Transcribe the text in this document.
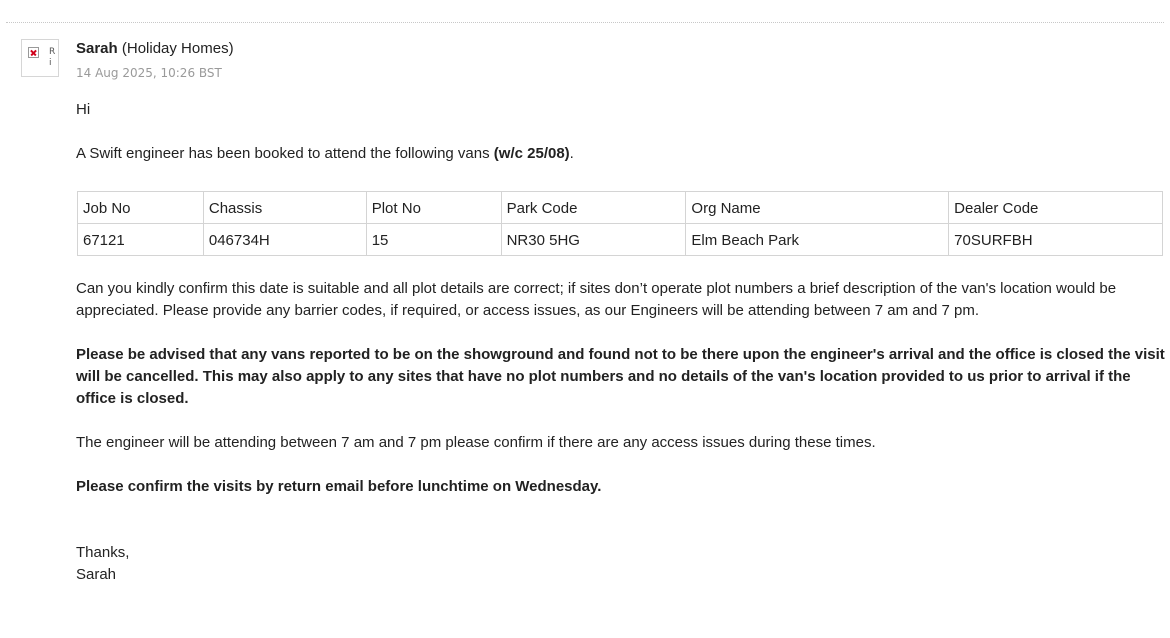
R
i
Sarah (Holiday Homes)
14 Aug 2025, 10:26 BST

Hi

A Swift engineer has been booked to attend the following vans (w/c 25/08).

Job No	Chassis	Plot No	Park Code	Org Name	Dealer Code
67121	046734H	15	NR30 5HG	Elm Beach Park	70SURFBH

Can you kindly confirm this date is suitable and all plot details are correct; if sites don’t operate plot numbers a brief description of the van's location would be appreciated. Please provide any barrier codes, if required, or access issues, as our Engineers will be attending between 7 am and 7 pm.

Please be advised that any vans reported to be on the showground and found not to be there upon the engineer's arrival and the office is closed the visit will be cancelled. This may also apply to any sites that have no plot numbers and no details of the van's location provided to us prior to arrival if the office is closed.

The engineer will be attending between 7 am and 7 pm please confirm if there are any access issues during these times.

Please confirm the visits by return email before lunchtime on Wednesday.

Thanks,

Sarah
